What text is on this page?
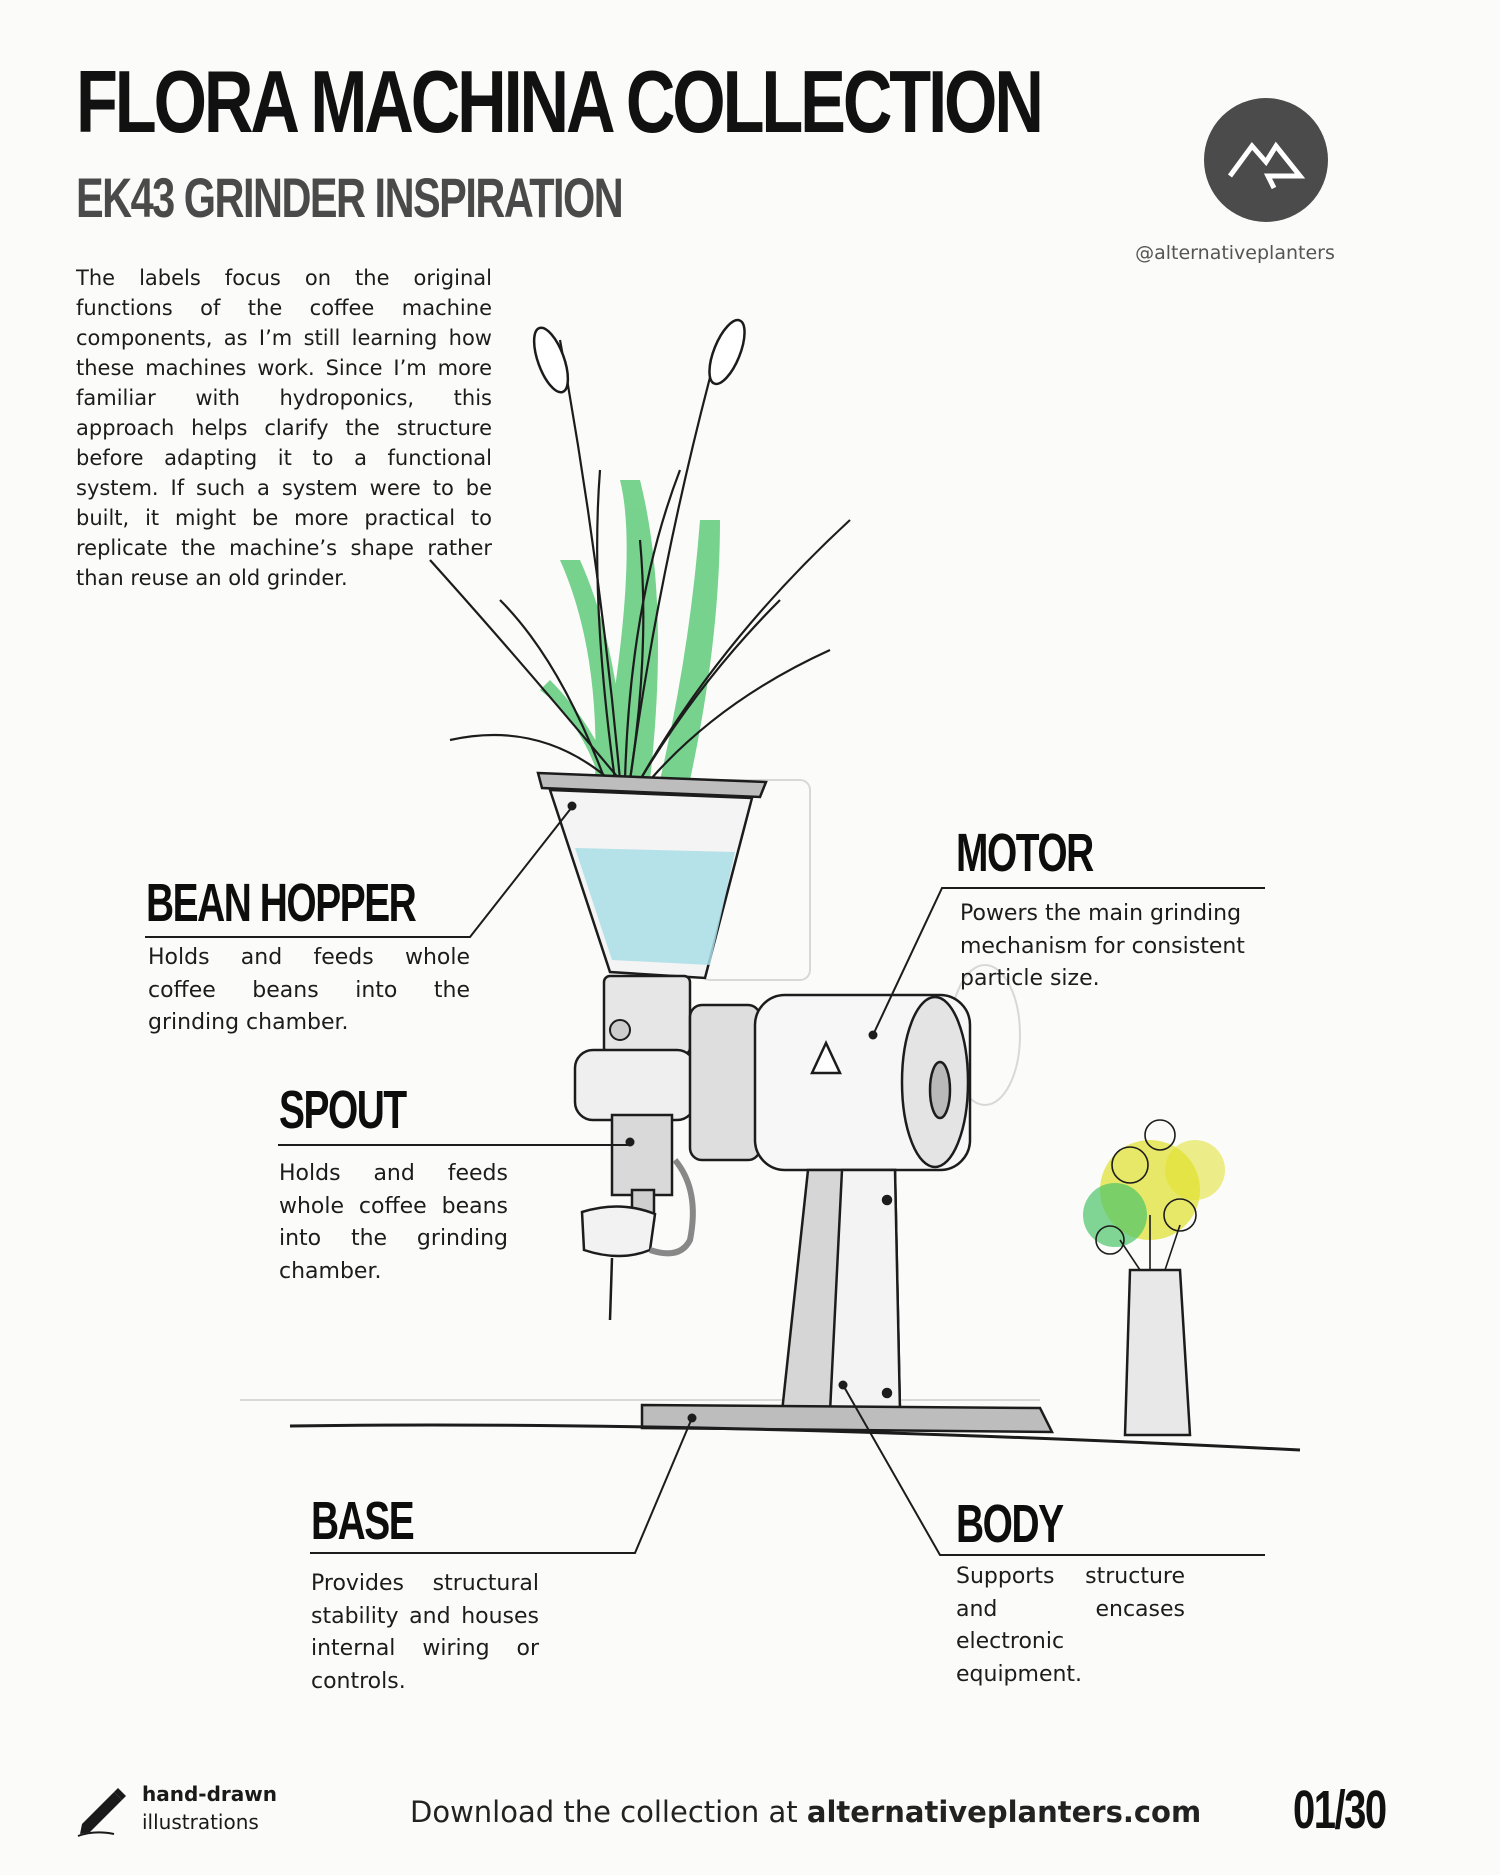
FLORA MACHINA COLLECTION
EK43 GRINDER INSPIRATION
The labels focus on the original functions of the coffee machine components, as I’m still learning how these machines work. Since I’m more familiar with hydroponics, this approach helps clarify the structure before adapting it to a functional system. If such a system were to be built, it might be more practical to replicate the machine’s shape rather than reuse an old grinder.
@alternativeplanters
BEAN HOPPER
Holds and feeds whole coffee beans into the grinding chamber.
SPOUT
Holds and feeds whole coffee beans into the grinding chamber.
MOTOR
Powers the main grinding mechanism for consistent particle size.
BASE
Provides structural stability and houses internal wiring or controls.
BODY
Supports structure and encases electronic equipment.
hand-drawn
illustrations	Download the collection at alternativeplanters.com 01/30
